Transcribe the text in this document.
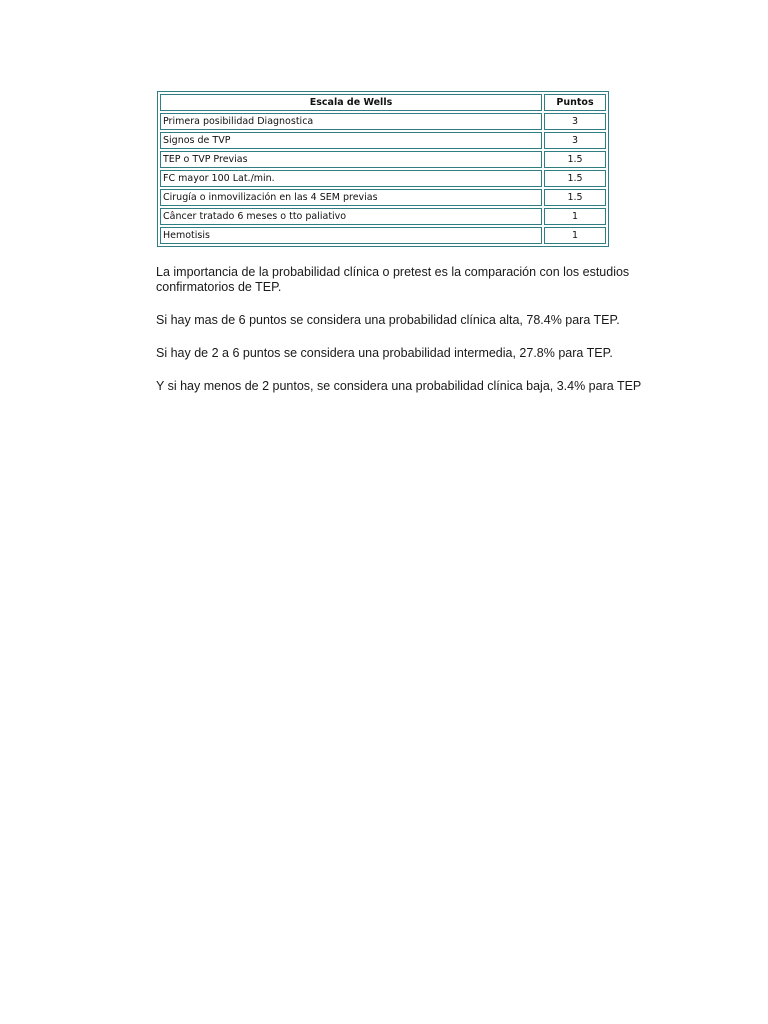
Escala de Wells	Puntos
Primera posibilidad Diagnostica	3
Signos de TVP	3
TEP o TVP Previas	1.5
FC mayor 100 Lat./min.	1.5
Cirugía o inmovilización en las 4 SEM previas	1.5
Câncer tratado 6 meses o tto paliativo	1
Hemotisis	1

La importancia de la probabilidad clínica o pretest es la comparación con los estudios confirmatorios de TEP.

Si hay mas de 6 puntos se considera una probabilidad clínica alta, 78.4% para TEP.

Si hay de 2 a 6 puntos se considera una probabilidad intermedia, 27.8% para TEP.

Y si hay menos de 2 puntos, se considera una probabilidad clínica baja, 3.4% para TEP
